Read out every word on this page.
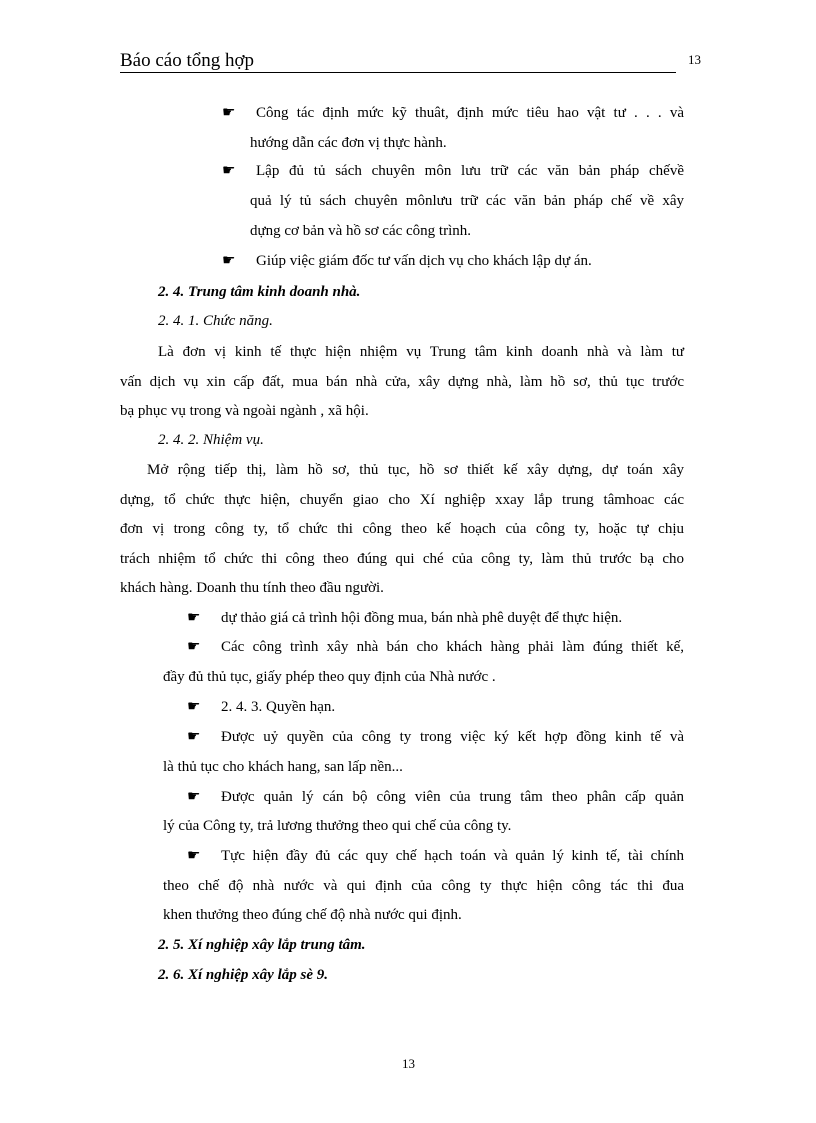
Báo cáo tổng hợp	13
☛ Công tác định mức kỹ thuât, định mức tiêu hao vật tư . . . và
hướng dẫn các đơn vị thực hành.
☛ Lập đủ tủ sách chuyên môn lưu trữ các văn bản pháp chếvề
quả lý tủ sách chuyên mônlưu trữ các văn bản pháp chế về xây
dựng cơ bản và hồ sơ các công trình.
☛ Giúp việc giám đốc tư vấn dịch vụ cho khách lập dự án.
2. 4. Trung tâm kinh doanh nhà.
2. 4. 1. Chức năng.
Là đơn vị kinh tế thực hiện nhiệm vụ Trung tâm kinh doanh nhà và làm tư
vấn dịch vụ xin cấp đất, mua bán nhà cửa, xây dựng nhà, làm hồ sơ, thủ tục trước
bạ phục vụ trong và ngoài ngành , xã hội.
2. 4. 2. Nhiệm vụ.
Mở rộng tiếp thị, làm hồ sơ, thủ tục, hồ sơ thiết kế xây dựng, dự toán xây
dựng, tổ chức thực hiện, chuyển giao cho Xí nghiệp xxay lắp trung tâmhoac các
đơn vị trong công ty, tổ chức thi công theo kế hoạch của công ty, hoặc tự chịu
trách nhiệm tổ chức thi công theo đúng qui ché của công ty, làm thủ trước bạ cho
khách hàng. Doanh thu tính theo đầu người.
☛ dự thảo giá cả trình hội đồng mua, bán nhà phê duyệt để thực hiện.
☛ Các công trình xây nhà bán cho khách hàng phải làm đúng thiết kế,
đầy đủ thủ tục, giấy phép theo quy định của Nhà nước .
☛ 2. 4. 3. Quyền hạn.
☛ Được uỷ quyền của công ty trong việc ký kết hợp đồng kinh tế và
là thủ tục cho khách hang, san lấp nền...
☛ Được quản lý cán bộ công viên của trung tâm theo phân cấp quản
lý của Công ty, trả lương thưởng theo qui chế của công ty.
☛ Tực hiện đầy đủ các quy chế hạch toán và quản lý kinh tế, tài chính
theo chế độ nhà nước và qui định của công ty thực hiện công tác thi đua
khen thưởng theo đúng chế độ nhà nước qui định.
2. 5. Xí nghiệp xây lắp trung tâm.
2. 6. Xí nghiệp xây lắp sè 9.
13
